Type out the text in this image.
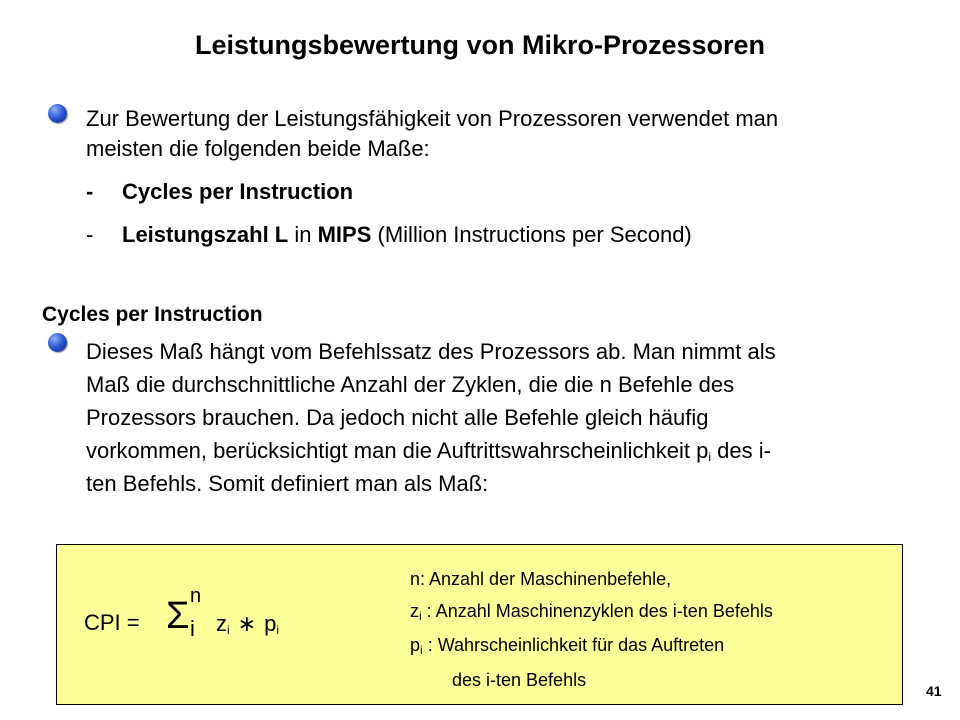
Leistungsbewertung von Mikro-Prozessoren
Zur Bewertung der Leistungsfähigkeit von Prozessoren verwendet man
meisten die folgenden beide Maße:
- Cycles per Instruction
- Leistungszahl L in MIPS (Million Instructions per Second)
Cycles per Instruction
Dieses Maß hängt vom Befehlssatz des Prozessors ab. Man nimmt als
Maß die durchschnittliche Anzahl der Zyklen, die die n Befehle des
Prozessors brauchen. Da jedoch nicht alle Befehle gleich häufig
vorkommen, berücksichtigt man die Auftrittswahrscheinlichkeit $p_i$ des i-
ten Befehls. Somit definiert man als Maß:
CPI = Σ n
i $z_i$ ∗ $p_i$
n: Anzahl der Maschinenbefehle,
$z_i$ : Anzahl Maschinenzyklen des i-ten Befehls
$p_i$ : Wahrscheinlichkeit für das Auftreten
des i-ten Befehls
41
